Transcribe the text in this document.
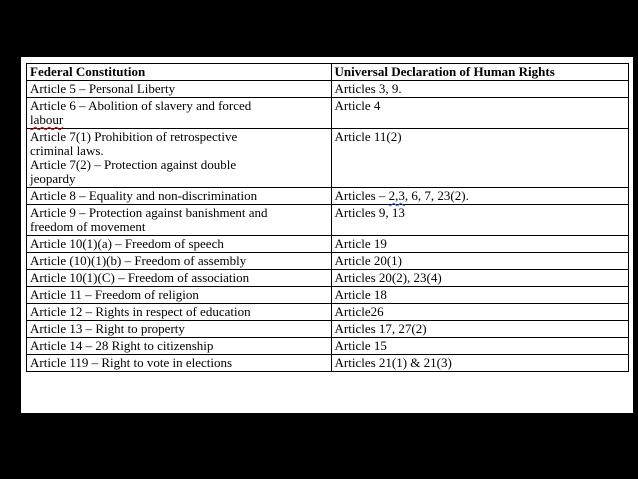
Federal Constitution	Universal Declaration of Human Rights

Article 5 – Personal Liberty	Articles 3, 9.

Article 6 – Abolition of slavery and forced
labour	Article 4

Article 7(1) Prohibition of retrospective
criminal laws.
Article 7(2) – Protection against double
jeopardy	Article 11(2)

Article 8 – Equality and non-discrimination	Articles – 2,3, 6, 7, 23(2).

Article 9 – Protection against banishment and
freedom of movement	Articles 9, 13

Article 10(1)(a) – Freedom of speech	Article 19

Article (10)(1)(b) – Freedom of assembly	Article 20(1)

Article 10(1)(C) – Freedom of association	Articles 20(2), 23(4)

Article 11 – Freedom of religion	Article 18

Article 12 – Rights in respect of education	Article26

Article 13 – Right to property	Articles 17, 27(2)

Article 14 – 28 Right to citizenship	Article 15

Article 119 – Right to vote in elections	Articles 21(1) & 21(3)
